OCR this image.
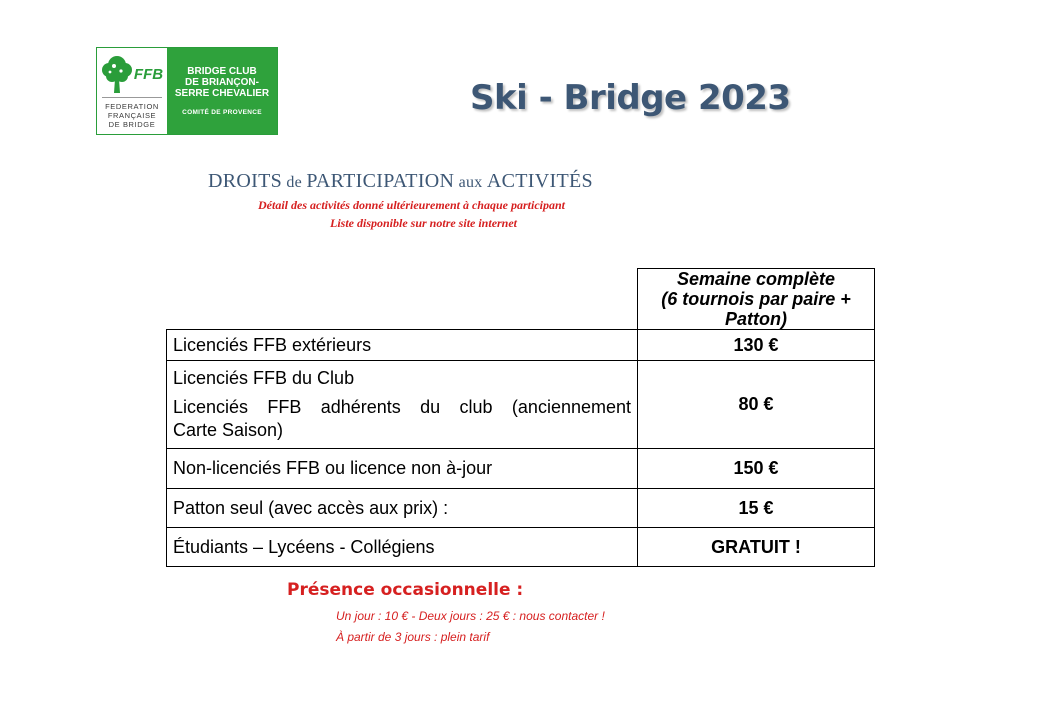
FFB
FEDERATION
FRANÇAISE
DE BRIDGE
BRIDGE CLUB
DE BRIANÇON-
SERRE CHEVALIER
COMITÉ DE PROVENCE	Ski - Bridge 2023
DROITS de PARTICIPATION aux ACTIVITÉS
Détail des activités donné ultérieurement à chaque participant
Liste disponible sur notre site internet

	Semaine complète
(6 tournois par paire + Patton)

Licenciés FFB extérieurs	130 €

Licenciés FFB du Club
Licenciés FFB adhérents du club (anciennement
Carte Saison)	80 €
Non-licenciés FFB ou licence non à-jour	150 €
Patton seul (avec accès aux prix) :	15 €
Étudiants – Lycéens - Collégiens	GRATUIT !
Présence occasionnelle :
Un jour : 10 € - Deux jours : 25 € : nous contacter !
À partir de 3 jours : plein tarif
